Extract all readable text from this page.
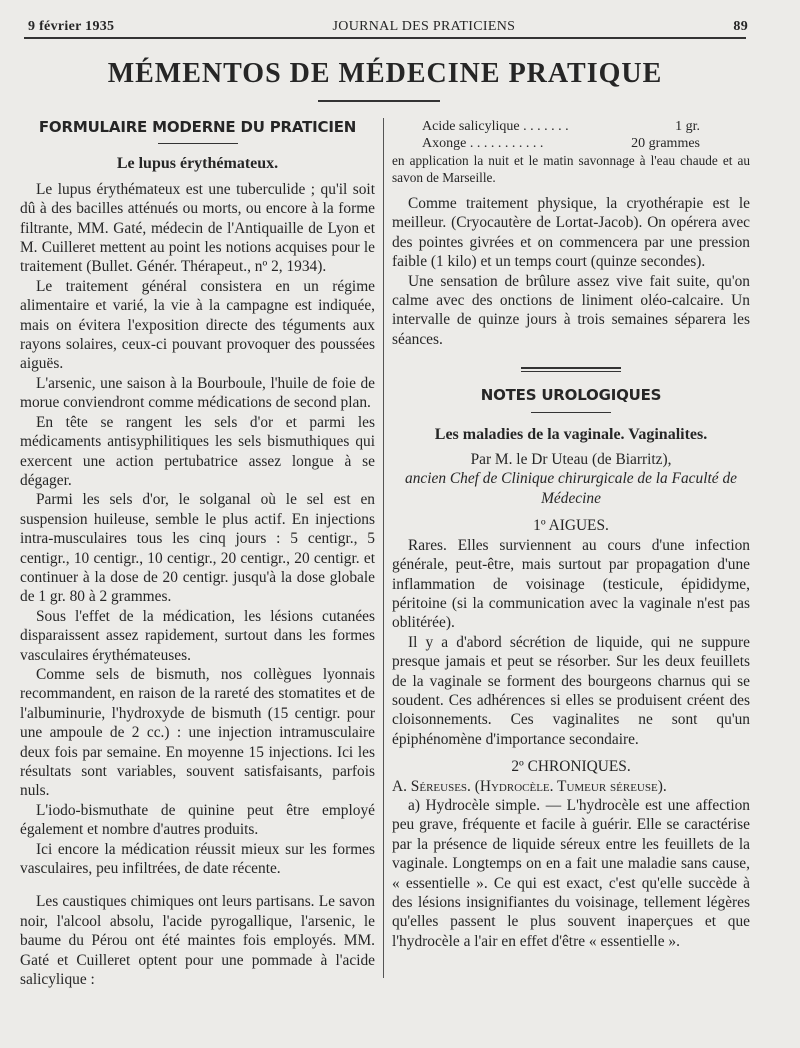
9 février 1935	JOURNAL DES PRATICIENS	89
MÉMENTOS DE MÉDECINE PRATIQUE
FORMULAIRE MODERNE DU PRATICIEN
Le lupus érythémateux.

Le lupus érythémateux est une tuberculide ; qu'il soit dû à des bacilles atténués ou morts, ou encore à la forme filtrante, MM. Gaté, médecin de l'Antiquaille de Lyon et M. Cuilleret mettent au point les notions acquises pour le traitement (Bullet. Génér. Thérapeut., nº 2, 1934).

Le traitement général consistera en un régime alimentaire et varié, la vie à la campagne est indiquée, mais on évitera l'exposition directe des téguments aux rayons solaires, ceux-ci pouvant provoquer des poussées aiguës.

L'arsenic, une saison à la Bourboule, l'huile de foie de morue conviendront comme médications de second plan.

En tête se rangent les sels d'or et parmi les médicaments antisyphilitiques les sels bismuthiques qui exercent une action pertubatrice assez longue à se dégager.

Parmi les sels d'or, le solganal où le sel est en suspension huileuse, semble le plus actif. En injections intra-musculaires tous les cinq jours : 5 centigr., 5 centigr., 10 centigr., 10 centigr., 20 centigr., 20 centigr. et continuer à la dose de 20 centigr. jusqu'à la dose globale de 1 gr. 80 à 2 grammes.

Sous l'effet de la médication, les lésions cutanées disparaissent assez rapidement, surtout dans les formes vasculaires érythémateuses.

Comme sels de bismuth, nos collègues lyonnais recommandent, en raison de la rareté des stomatites et de l'albuminurie, l'hydroxyde de bismuth (15 centigr. pour une ampoule de 2 cc.) : une injection intramusculaire deux fois par semaine. En moyenne 15 injections. Ici les résultats sont variables, souvent satisfaisants, parfois nuls.

L'iodo-bismuthate de quinine peut être employé également et nombre d'autres produits.

Ici encore la médication réussit mieux sur les formes vasculaires, peu infiltrées, de date récente.

Les caustiques chimiques ont leurs partisans. Le savon noir, l'alcool absolu, l'acide pyrogallique, l'arsenic, le baume du Pérou ont été maintes fois employés. MM. Gaté et Cuilleret optent pour une pommade à l'acide salicylique :

Acide salicylique . . . . . . .	1 gr.
Axonge . . . . . . . . . . .	20 grammes

en application la nuit et le matin savonnage à l'eau chaude et au savon de Marseille.

Comme traitement physique, la cryothérapie est le meilleur. (Cryocautère de Lortat-Jacob). On opérera avec des pointes givrées et on commencera par une pression faible (1 kilo) et un temps court (quinze secondes).

Une sensation de brûlure assez vive fait suite, qu'on calme avec des onctions de liniment oléo-calcaire. Un intervalle de quinze jours à trois semaines séparera les séances.

NOTES UROLOGIQUES
Les maladies de la vaginale. Vaginalites.

Par M. le Dr Uteau (de Biarritz),

ancien Chef de Clinique chirurgicale de la Faculté de Médecine

1º AIGUES.

Rares. Elles surviennent au cours d'une infection générale, peut-être, mais surtout par propagation d'une inflammation de voisinage (testicule, épididyme, péritoine (si la communication avec la vaginale n'est pas oblitérée).

Il y a d'abord sécrétion de liquide, qui ne suppure presque jamais et peut se résorber. Sur les deux feuillets de la vaginale se forment des bourgeons charnus qui se soudent. Ces adhérences si elles se produisent créent des cloisonnements. Ces vaginalites ne sont qu'un épiphénomène d'importance secondaire.

2º CHRONIQUES.

A. Séreuses. (Hydrocèle. Tumeur séreuse).

a) Hydrocèle simple. — L'hydrocèle est une affection peu grave, fréquente et facile à guérir. Elle se caractérise par la présence de liquide séreux entre les feuillets de la vaginale. Longtemps on en a fait une maladie sans cause, « essentielle ». Ce qui est exact, c'est qu'elle succède à des lésions insignifiantes du voisinage, tellement légères qu'elles passent le plus souvent inaperçues et que l'hydrocèle a l'air en effet d'être « essentielle ».
